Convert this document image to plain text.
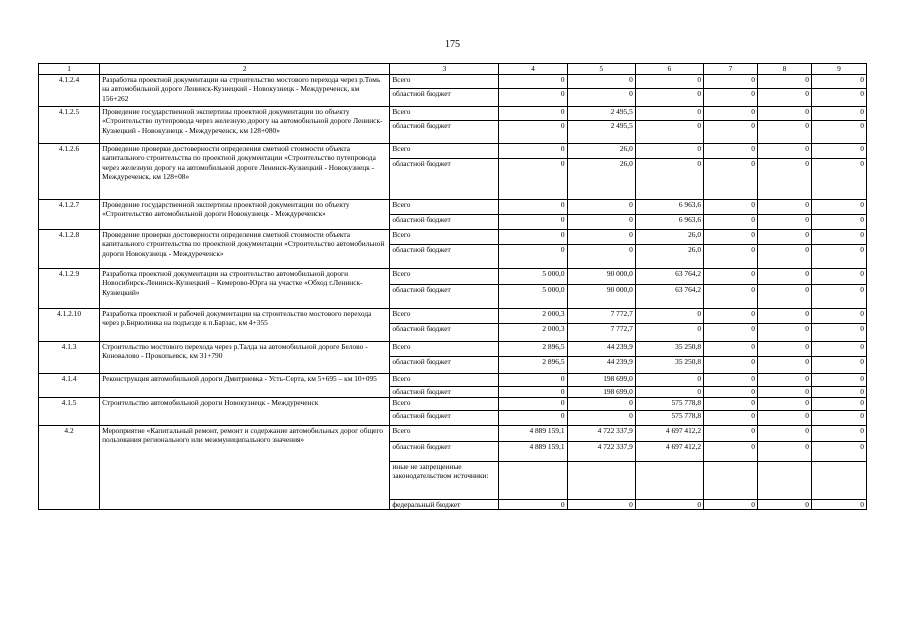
175
1	2	3	4	5	6	7	8	9
4.1.2.4	Разработка проектной документации на строительство мостового перехода через р.Томь на автомобильной дороге Ленинск-Кузнецкий - Новокузнецк - Междуреченск, км 156+262	Всего	0	0	0	0	0	0
		областной бюджет	0	0	0	0	0	0
4.1.2.5	Проведение государственной экспертизы проектной документации по объекту «Строительство путепровода через железную дорогу на автомобильной дороге Ленинск-Кузнецкий - Новокузнецк - Междуреченск, км 128+080»	Всего	0	2 495,5	0	0	0	0
		областной бюджет	0	2 495,5	0	0	0	0
4.1.2.6	Проведение проверки достоверности определения сметной стоимости объекта капитального строительства по проектной документации «Строительство путепровода через железную дорогу на автомобильной дороге Ленинск-Кузнецкий - Новокузнецк - Междуреченск, км 128+08»	Всего	0	26,0	0	0	0	0
		областной бюджет	0	26,0	0	0	0	0
4.1.2.7	Проведение государственной экспертизы проектной документации по объекту «Строительство автомобильной дороги Новокузнецк - Междуреченск»	Всего	0	0	6 963,6	0	0	0
		областной бюджет	0	0	6 963,6	0	0	0
4.1.2.8	Проведение проверки достоверности определения сметной стоимости объекта капитального строительства по проектной документации «Строительство автомобильной дороги Новокузнецк - Междуреченск»	Всего	0	0	26,0	0	0	0
		областной бюджет	0	0	26,0	0	0	0
4.1.2.9	Разработка проектной документации на строительство автомобильной дороги Новосибирск-Ленинск-Кузнецкий – Кемерово-Юрга на участке «Обход г.Ленинск-Кузнецкий»	Всего	5 000,0	90 000,0	63 764,2	0	0	0
		областной бюджет	5 000,0	90 000,0	63 764,2	0	0	0
4.1.2.10	Разработка проектной и рабочей документации на строительство мостового перехода через р.Бирюлинка на подъезде к п.Барзас, км 4+355	Всего	2 000,3	7 772,7	0	0	0	0
		областной бюджет	2 000,3	7 772,7	0	0	0	0
4.1.3	Строительство мостового перехода через р.Талда на автомобильной дороге Белово - Коновалово - Прокопьевск, км 31+790	Всего	2 896,5	44 239,9	35 250,8	0	0	0
		областной бюджет	2 896,5	44 239,9	35 250,8	0	0	0
4.1.4	Реконструкция автомобильной дороги Дмитриевка - Усть-Серта, км 5+695 – км 10+095	Всего	0	198 699,0	0	0	0	0
		областной бюджет	0	198 699,0	0	0	0	0
4.1.5	Строительство автомобильной дороги Новокузнецк - Междуреченск	Всего	0	0	575 778,8	0	0	0
		областной бюджет	0	0	575 778,8	0	0	0
4.2	Мероприятие «Капитальный ремонт, ремонт и содержание автомобильных дорог общего пользования регионального или межмуниципального значения»	Всего	4 889 159,1	4 722 337,9	4 697 412,2	0	0	0
		областной бюджет	4 889 159,1	4 722 337,9	4 697 412,2	0	0	0
		иные не запрещенные законодательством источники:						
		федеральный бюджет	0	0	0	0	0	0
